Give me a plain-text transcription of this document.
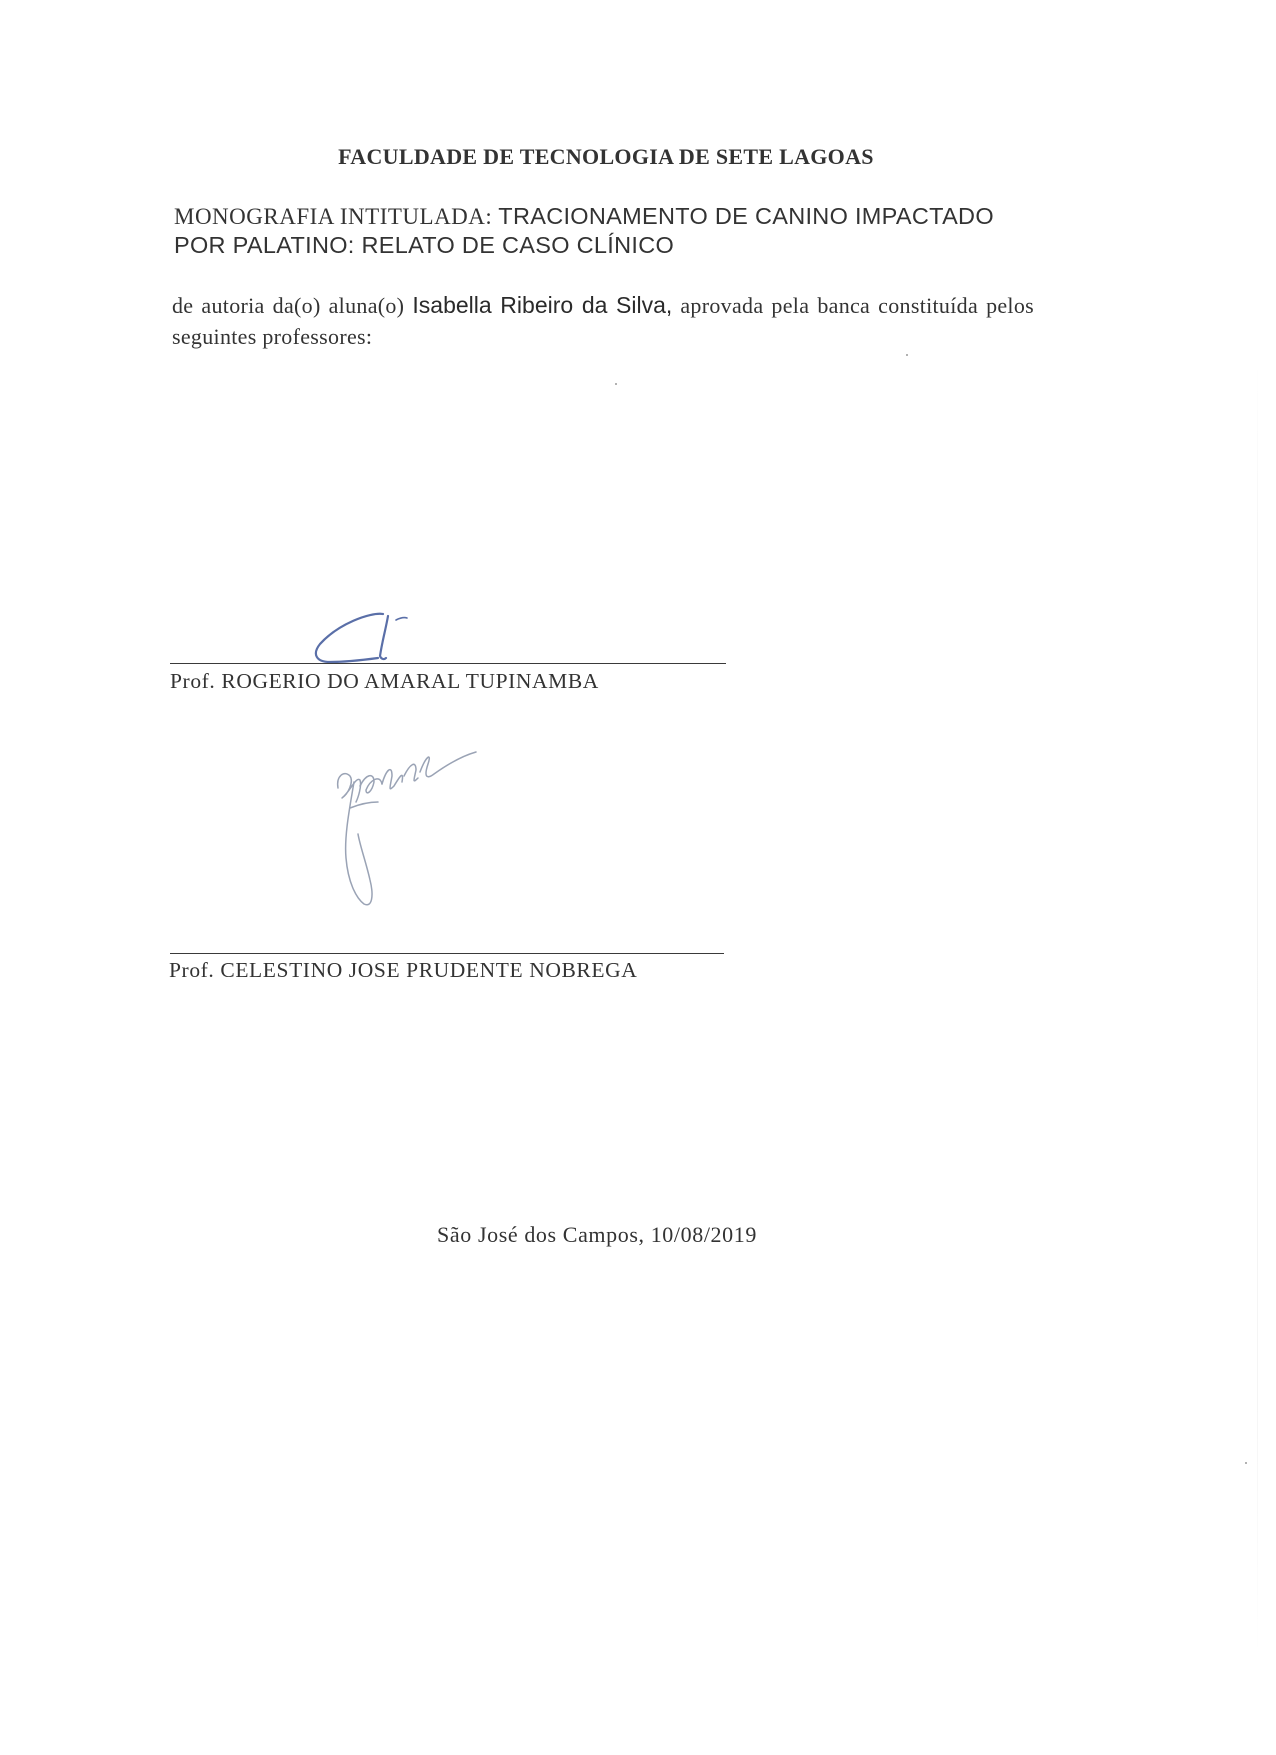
FACULDADE DE TECNOLOGIA DE SETE LAGOAS
MONOGRAFIA INTITULADA: TRACIONAMENTO DE CANINO IMPACTADO
POR PALATINO: RELATO DE CASO CLÍNICO
de autoria da(o) aluna(o) Isabella Ribeiro da Silva, aprovada pela banca constituída pelos seguintes professores:
Prof. ROGERIO DO AMARAL TUPINAMBA
Prof. CELESTINO JOSE PRUDENTE NOBREGA
São José dos Campos, 10/08/2019
